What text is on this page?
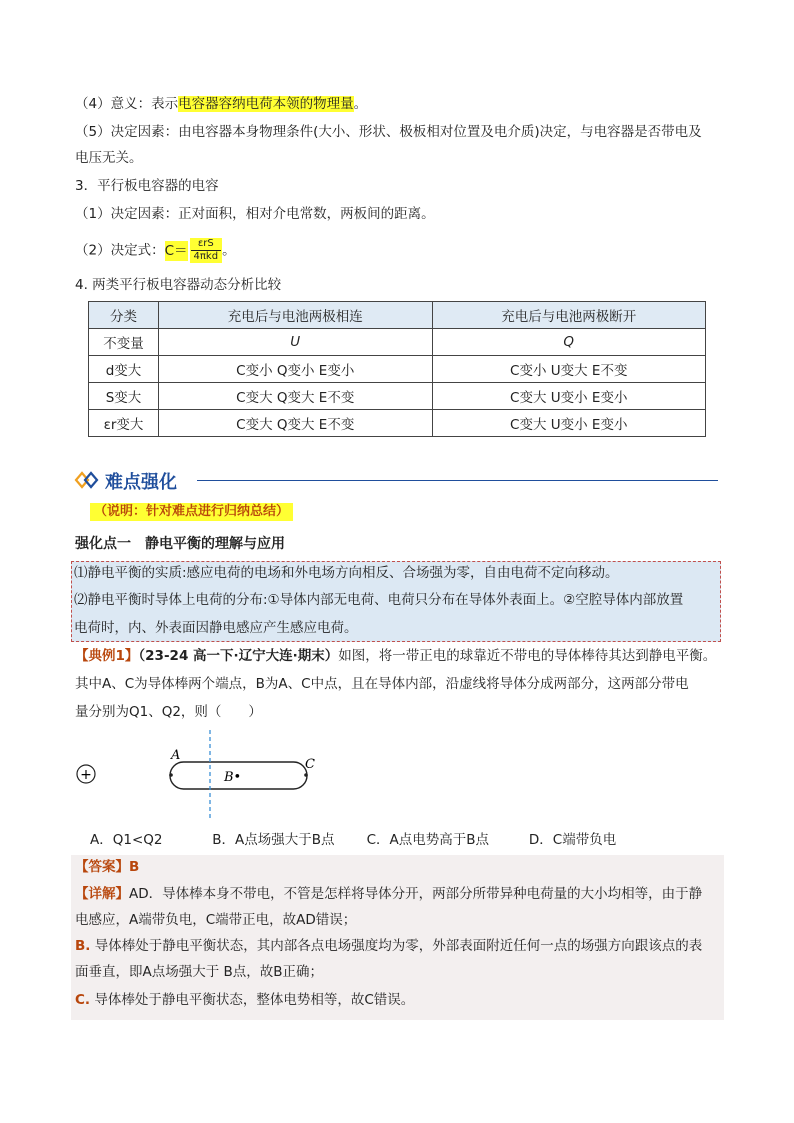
（4）意义：表示电容器容纳电荷本领的物理量。
（5）决定因素：由电容器本身物理条件(大小、形状、极板相对位置及电介质)决定，与电容器是否带电及
电压无关。
3．平行板电容器的电容
（1）决定因素：正对面积，相对介电常数，两板间的距离。
（2）决定式：$C= \frac{\text{εrS}}{\text{4πkd}}$ 。
4. 两类平行板电容器动态分析比较
分类	充电后与电池两极相连	充电后与电池两极断开
不变量	U	Q
d变大	C变小 Q变小 E变小	C变小 U变大 E不变
S变大	C变大 Q变大 E不变	C变大 U变小 E变小
εr变大	C变大 Q变大 E不变	C变大 U变小 E变小
难点强化
（说明：针对难点进行归纳总结）
强化点一　静电平衡的理解与应用
⑴静电平衡的实质:感应电荷的电场和外电场方向相反、合场强为零，自由电荷不定向移动。
⑵静电平衡时导体上电荷的分布:①导体内部无电荷、电荷只分布在导体外表面上。②空腔导体内部放置
电荷时，内、外表面因静电感应产生感应电荷。
【典例1】（23-24 高一下·辽宁大连·期末）如图，将一带正电的球靠近不带电的导体棒待其达到静电平衡。
其中A、C为导体棒两个端点，B为A、C中点，且在导体内部，沿虚线将导体分成两部分，这两部分带电
量分别为Q1、Q2，则（　　）
+
A
B•
C
A．Q1<Q2	B．A点场强大于B点 C．A点电势高于B点	D．C端带负电
【答案】B
【详解】AD．导体棒本身不带电，不管是怎样将导体分开，两部分所带异种电荷量的大小均相等，由于静
电感应，A端带负电，C端带正电，故AD错误；
B. 导体棒处于静电平衡状态，其内部各点电场强度均为零，外部表面附近任何一点的场强方向跟该点的表
面垂直，即A点场强大于 B点，故B正确；
C. 导体棒处于静电平衡状态，整体电势相等，故C错误。
